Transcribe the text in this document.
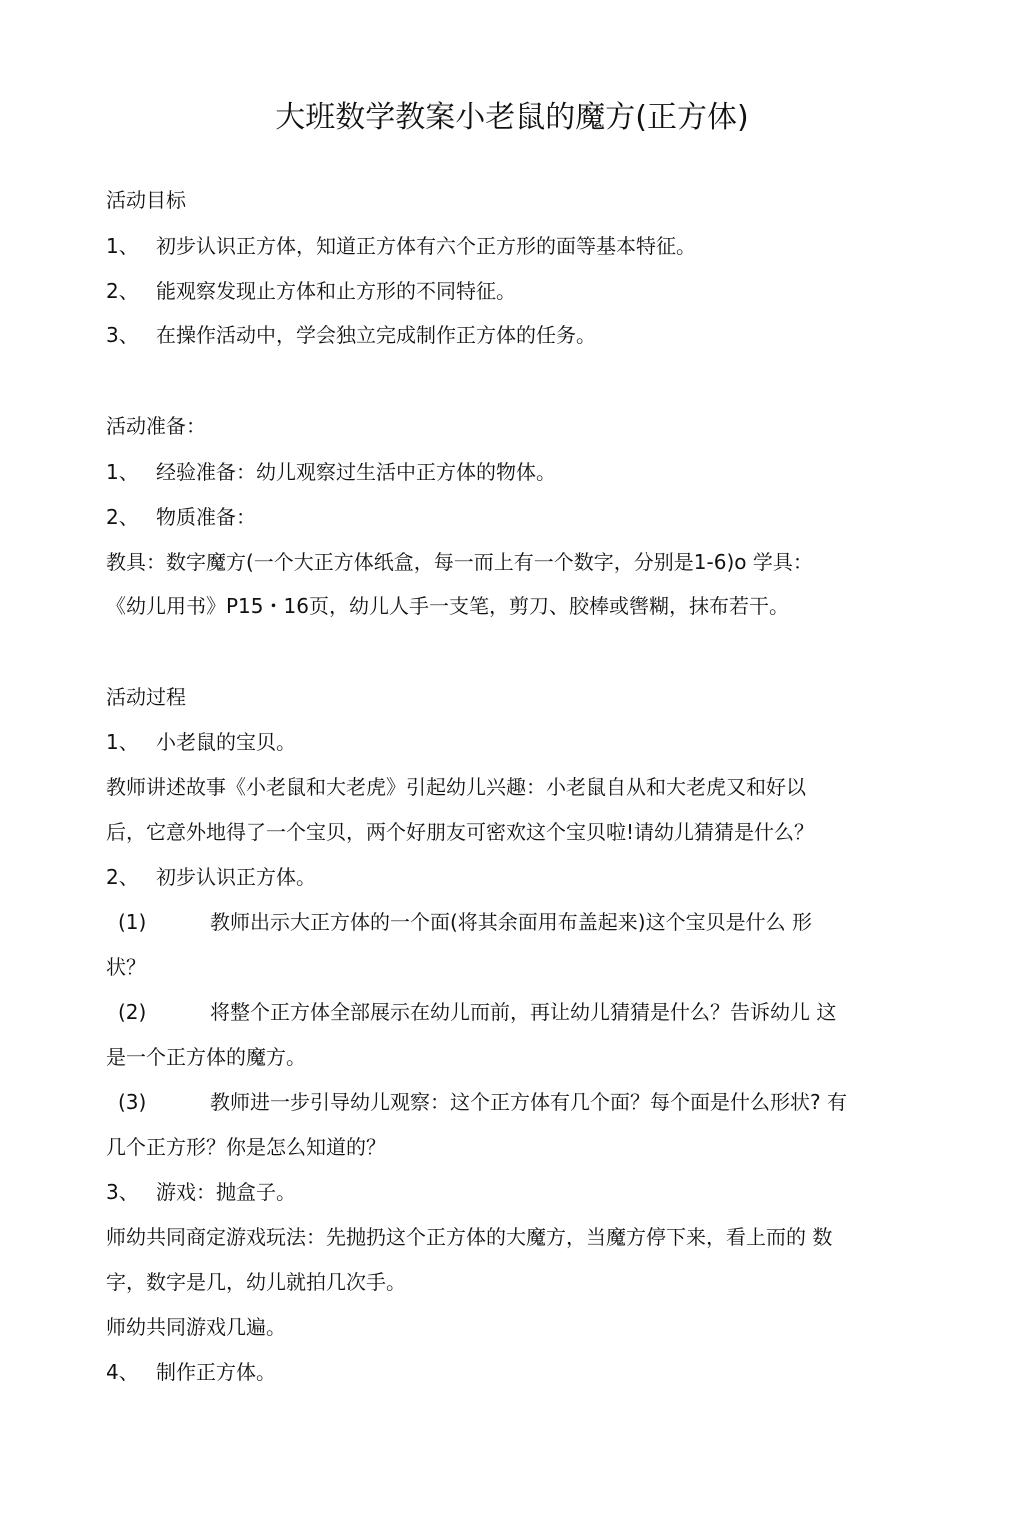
大班数学教案小老鼠的魔方(正方体)
活动目标
1、 初步认识正方体，知道正方体有六个正方形的面等基本特征。
2、 能观察发现止方体和止方形的不同特征。
3、 在操作活动中，学会独立完成制作正方体的任务。
活动准备：
1、 经验准备：幼儿观察过生活中正方体的物体。
2、 物质准备：
教具：数字魔方(一个大正方体纸盒，每一而上有一个数字，分别是1-6)o 学具：
《幼儿用书》P15・16页，幼儿人手一支笔，剪刀、胶棒或辔糊，抹布若干。
活动过程
1、 小老鼠的宝贝。
教师讲述故事《小老鼠和大老虎》引起幼儿兴趣：小老鼠自从和大老虎又和好以
后，它意外地得了一个宝贝，两个好朋友可密欢这个宝贝啦!请幼儿猜猜是什么？
2、 初步认识正方体。
(1)	教师出示大正方体的一个面(将其余面用布盖起来)这个宝贝是什么 形
状？
(2)	将整个正方体全部展示在幼儿而前，再让幼儿猜猜是什么？告诉幼儿 这
是一个正方体的魔方。
(3)	教师进一步引导幼儿观察：这个正方体有几个面？每个面是什么形状? 有
几个正方形？你是怎么知道的？
3、 游戏：抛盒子。
师幼共同商定游戏玩法：先抛扔这个正方体的大魔方，当魔方停下来，看上而的 数
字，数字是几，幼儿就拍几次手。
师幼共同游戏几遍。
4、 制作正方体。
